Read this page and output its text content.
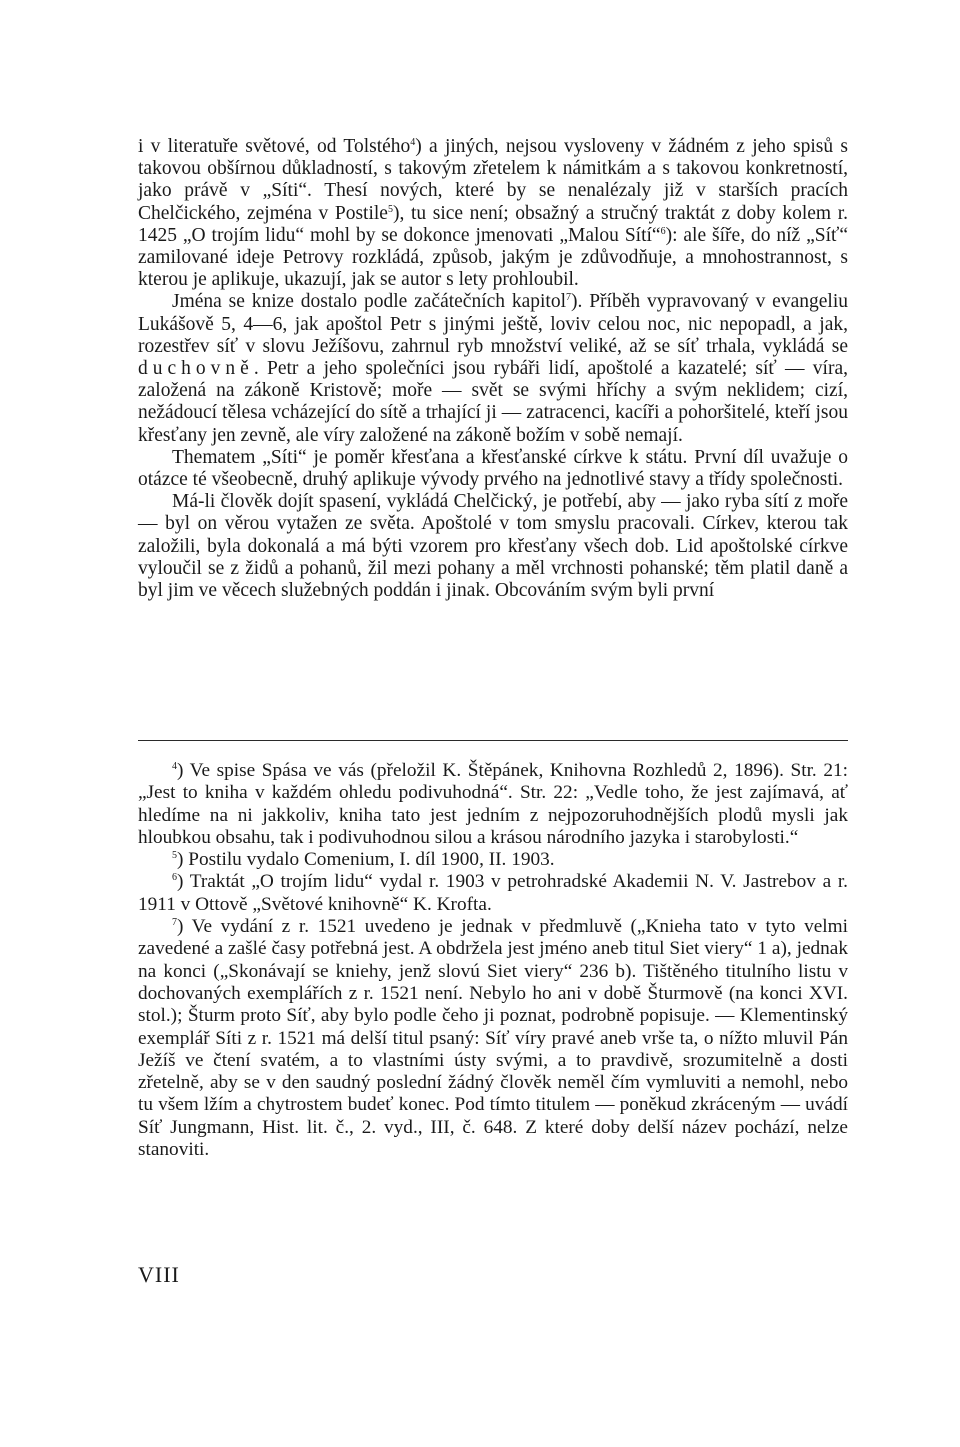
i v literatuře světové, od Tolstého$^4$) a jiných, nejsou vysloveny v žádném z jeho spisů s takovou obšírnou důkladností, s takovým zřetelem k námitkám a s takovou konkretností, jako právě v „Síti“. Thesí nových, které by se nenalézaly již v starších pracích Chelčického, zejména v Postile$^5$), tu sice není; obsažný a stručný traktát z doby kolem r. 1425 „O trojím lidu“ mohl by se dokonce jmenovati „Malou Sítí“$^6$): ale šíře, do níž „Síť“ zamilované ideje Petrovy rozkládá, způsob, jakým je zdůvodňuje, a mnohostrannost, s kterou je aplikuje, ukazují, jak se autor s lety prohloubil.

Jména se knize dostalo podle začátečních kapitol$^7$). Příběh vypravovaný v evangeliu Lukášově 5, 4—6, jak apoštol Petr s jinými ještě, loviv celou noc, nic nepopadl, a jak, rozestřev síť v slovu Ježíšovu, zahrnul ryb množství veliké, až se síť trhala, vykládá se duchovně. Petr a jeho společníci jsou rybáři lidí, apoštolé a kazatelé; síť — víra, založená na zákoně Kristově; moře — svět se svými hříchy a svým neklidem; cizí, nežádoucí tělesa vcházející do sítě a trhající ji — zatracenci, kacíři a pohoršitelé, kteří jsou křesťany jen zevně, ale víry založené na zákoně božím v sobě nemají.

Thematem „Síti“ je poměr křesťana a křesťanské církve k státu. První díl uvažuje o otázce té všeobecně, druhý aplikuje vývody prvého na jednotlivé stavy a třídy společnosti.

Má-li člověk dojít spasení, vykládá Chelčický, je potřebí, aby — jako ryba sítí z moře — byl on věrou vytažen ze světa. Apoštolé v tom smyslu pracovali. Církev, kterou tak založili, byla dokonalá a má býti vzorem pro křesťany všech dob. Lid apoštolské církve vyloučil se z židů a pohanů, žil mezi pohany a měl vrchnosti pohanské; těm platil daně a byl jim ve věcech služebných poddán i jinak. Obcováním svým byli první

$^4$) Ve spise Spása ve vás (přeložil K. Štěpánek, Knihovna Rozhledů 2, 1896). Str. 21: „Jest to kniha v každém ohledu podivuhodná“. Str. 22: „Vedle toho, že jest zajímavá, ať hledíme na ni jakkoliv, kniha tato jest jedním z nejpozoruhodnějších plodů mysli jak hloubkou obsahu, tak i podivuhodnou silou a krásou národního jazyka i starobylosti.“

$^5$) Postilu vydalo Comenium, I. díl 1900, II. 1903.

$^6$) Traktát „O trojím lidu“ vydal r. 1903 v petrohradské Akademii N. V. Jastrebov a r. 1911 v Ottově „Světové knihovně“ K. Krofta.

$^7$) Ve vydání z r. 1521 uvedeno je jednak v předmluvě („Knieha tato v tyto velmi zavedené a zašlé časy potřebná jest. A obdržela jest jméno aneb titul Siet viery“ 1 a), jednak na konci („Skonávají se kniehy, jenž slovú Siet viery“ 236 b). Tištěného titulního listu v dochovaných exemplářích z r. 1521 není. Nebylo ho ani v době Šturmově (na konci XVI. stol.); Šturm proto Síť, aby bylo podle čeho ji poznat, podrobně popisuje. — Klementinský exemplář Síti z r. 1521 má delší titul psaný: Síť víry pravé aneb vrše ta, o nížto mluvil Pán Ježíš ve čtení svatém, a to vlastními ústy svými, a to pravdivě, srozumitelně a dosti zřetelně, aby se v den saudný poslední žádný člověk neměl čím vymluviti a nemohl, nebo tu všem lžím a chytrostem budeť konec. Pod tímto titulem — poněkud zkráceným — uvádí Síť Jungmann, Hist. lit. č., 2. vyd., III, č. 648. Z které doby delší název pochází, nelze stanoviti.

VIII
